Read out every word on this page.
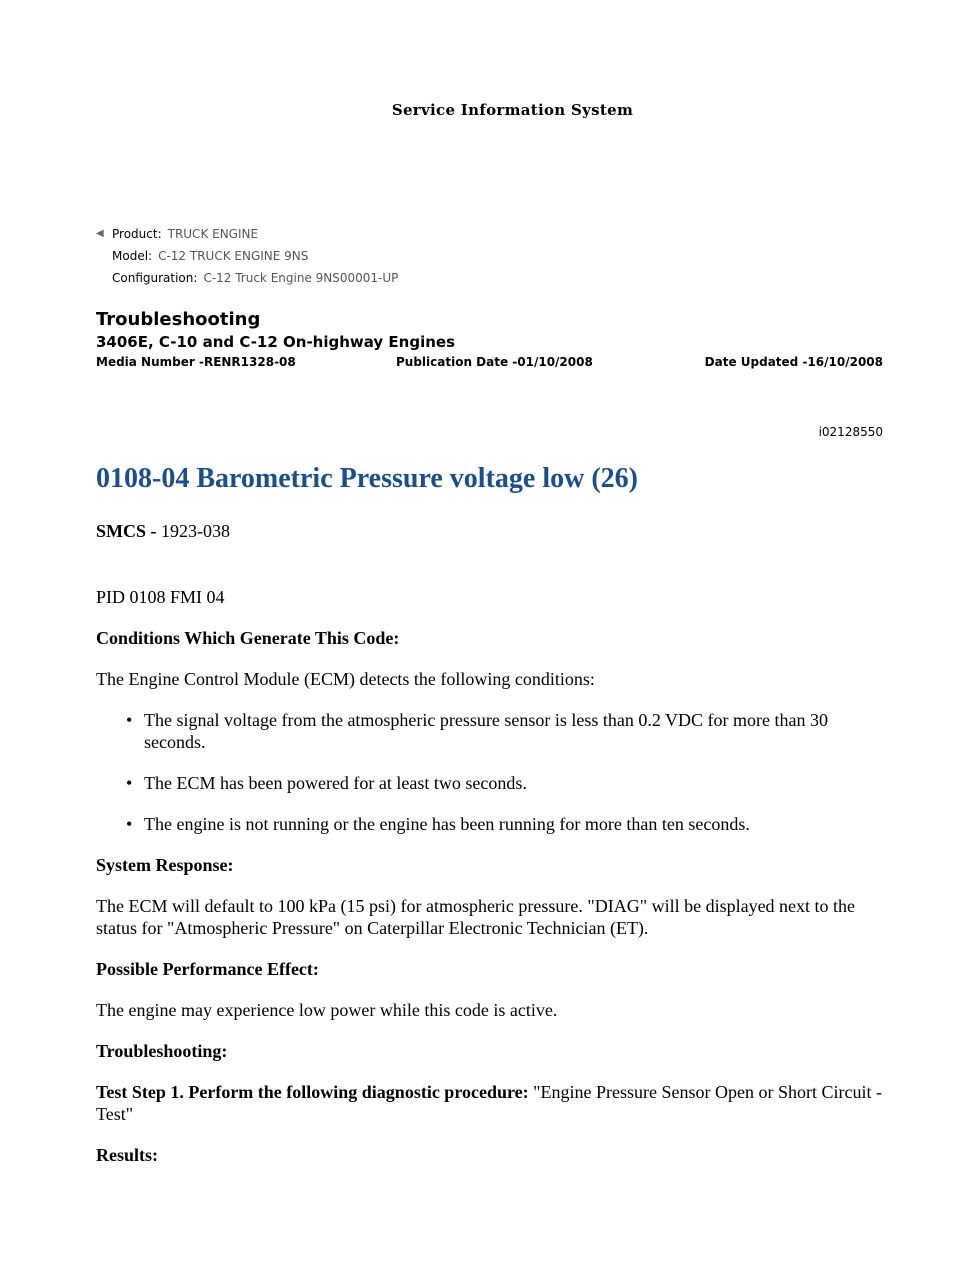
Service Information System
◀ Product: TRUCK ENGINE
Model: C-12 TRUCK ENGINE 9NS
Configuration: C-12 Truck Engine 9NS00001-UP
Troubleshooting
3406E, C-10 and C-12 On-highway Engines
Media Number -RENR1328-08	Publication Date -01/10/2008	Date Updated -16/10/2008
i02128550
0108-04 Barometric Pressure voltage low (26)

SMCS - 1923-038

PID 0108 FMI 04

Conditions Which Generate This Code:

The Engine Control Module (ECM) detects the following conditions:

• The signal voltage from the atmospheric pressure sensor is less than 0.2 VDC for more than 30 seconds.
• The ECM has been powered for at least two seconds.
• The engine is not running or the engine has been running for more than ten seconds.

System Response:

The ECM will default to 100 kPa (15 psi) for atmospheric pressure. "DIAG" will be displayed next to the status for "Atmospheric Pressure" on Caterpillar Electronic Technician (ET).

Possible Performance Effect:

The engine may experience low power while this code is active.

Troubleshooting:

Test Step 1. Perform the following diagnostic procedure: "Engine Pressure Sensor Open or Short Circuit - Test"

Results:
